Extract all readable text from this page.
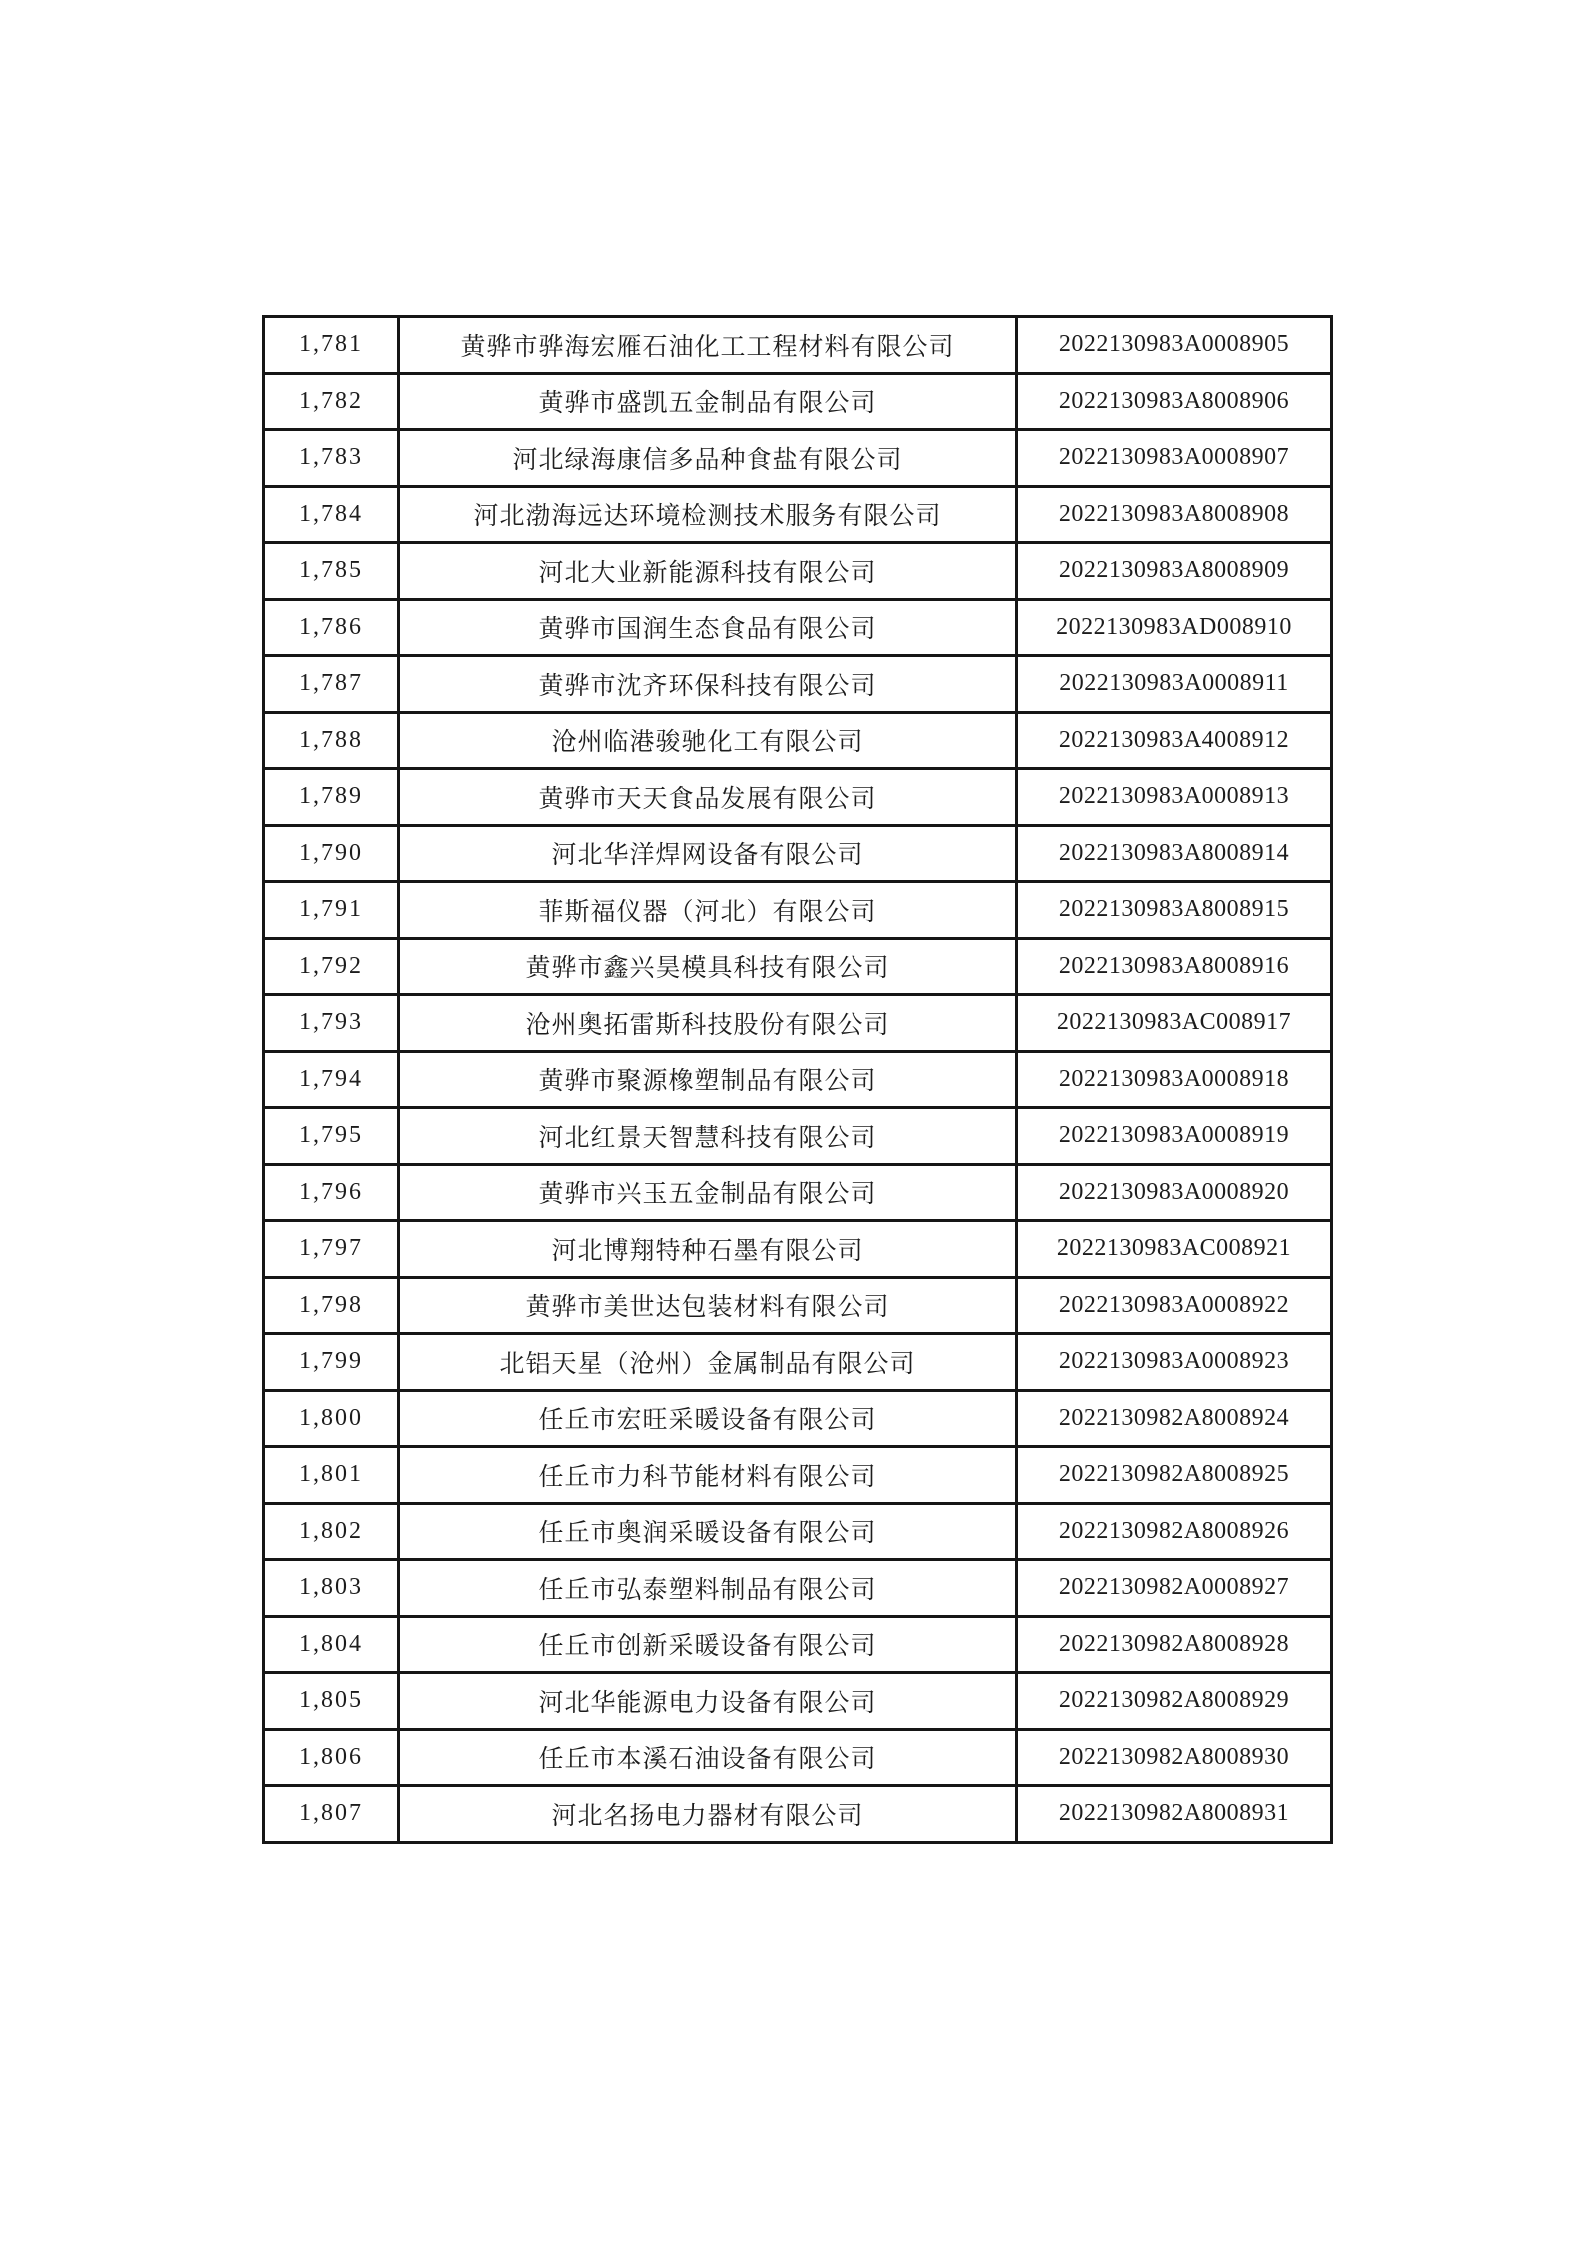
1,781	黄骅市骅海宏雁石油化工工程材料有限公司	2022130983A0008905
1,782	黄骅市盛凯五金制品有限公司	2022130983A8008906
1,783	河北绿海康信多品种食盐有限公司	2022130983A0008907
1,784	河北渤海远达环境检测技术服务有限公司	2022130983A8008908
1,785	河北大业新能源科技有限公司	2022130983A8008909
1,786	黄骅市国润生态食品有限公司	2022130983AD008910
1,787	黄骅市沈齐环保科技有限公司	2022130983A0008911
1,788	沧州临港骏驰化工有限公司	2022130983A4008912
1,789	黄骅市天天食品发展有限公司	2022130983A0008913
1,790	河北华洋焊网设备有限公司	2022130983A8008914
1,791	菲斯福仪器（河北）有限公司	2022130983A8008915
1,792	黄骅市鑫兴昊模具科技有限公司	2022130983A8008916
1,793	沧州奥拓雷斯科技股份有限公司	2022130983AC008917
1,794	黄骅市聚源橡塑制品有限公司	2022130983A0008918
1,795	河北红景天智慧科技有限公司	2022130983A0008919
1,796	黄骅市兴玉五金制品有限公司	2022130983A0008920
1,797	河北博翔特种石墨有限公司	2022130983AC008921
1,798	黄骅市美世达包装材料有限公司	2022130983A0008922
1,799	北铝天星（沧州）金属制品有限公司	2022130983A0008923
1,800	任丘市宏旺采暖设备有限公司	2022130982A8008924
1,801	任丘市力科节能材料有限公司	2022130982A8008925
1,802	任丘市奥润采暖设备有限公司	2022130982A8008926
1,803	任丘市弘泰塑料制品有限公司	2022130982A0008927
1,804	任丘市创新采暖设备有限公司	2022130982A8008928
1,805	河北华能源电力设备有限公司	2022130982A8008929
1,806	任丘市本溪石油设备有限公司	2022130982A8008930
1,807	河北名扬电力器材有限公司	2022130982A8008931
